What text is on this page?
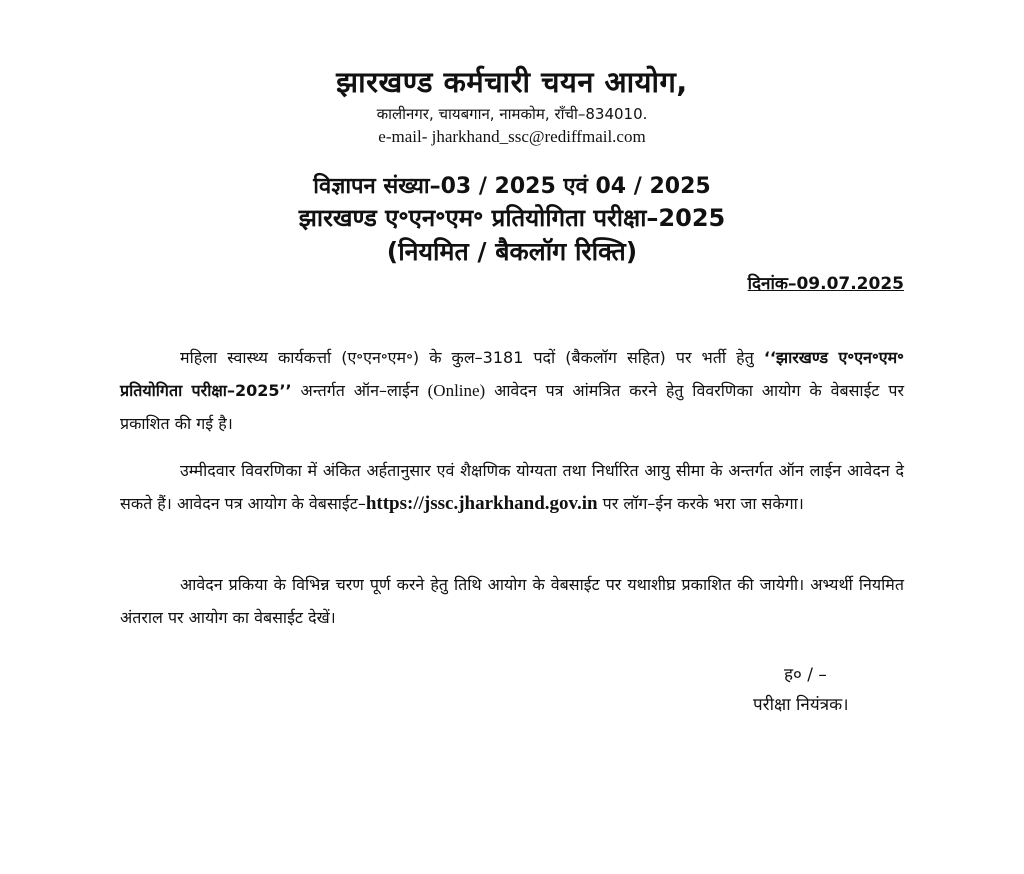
झारखण्ड कर्मचारी चयन आयोग,
कालीनगर, चायबगान, नामकोम, राँची–834010.
e-mail- jharkhand_ssc@rediffmail.com
विज्ञापन संख्या–03 / 2025 एवं 04 / 2025
झारखण्ड ए॰एन॰एम॰ प्रतियोगिता परीक्षा–2025
(नियमित / बैकलॉग रिक्ति)
दिनांक–09.07.2025

महिला स्वास्थ्य कार्यकर्त्ता (ए॰एन॰एम॰) के कुल–3181 पदों (बैकलॉग सहित) पर भर्ती हेतु ‘‘झारखण्ड ए॰एन॰एम॰ प्रतियोगिता परीक्षा–2025’’ अन्तर्गत ऑन–लाईन (Online) आवेदन पत्र आंमत्रित करने हेतु विवरणिका आयोग के वेबसाईट पर प्रकाशित की गई है।

उम्मीदवार विवरणिका में अंकित अर्हतानुसार एवं शैक्षणिक योग्यता तथा निर्धारित आयु सीमा के अन्तर्गत ऑन लाईन आवेदन दे सकते हैं। आवेदन पत्र आयोग के वेबसाईट–https://jssc.jharkhand.gov.in पर लॉग–ईन करके भरा जा सकेगा।

आवेदन प्रकिया के विभिन्न चरण पूर्ण करने हेतु तिथि आयोग के वेबसाईट पर यथाशीघ्र प्रकाशित की जायेगी। अभ्यर्थी नियमित अंतराल पर आयोग का वेबसाईट देखें।

ह० / –
परीक्षा नियंत्रक।
